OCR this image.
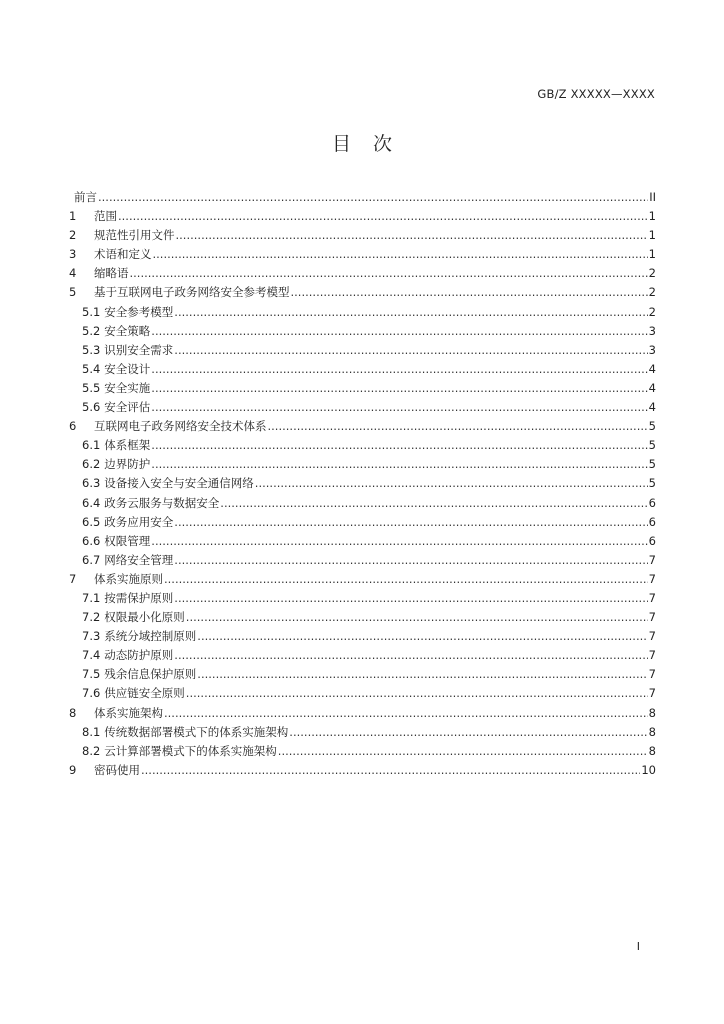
GB/Z XXXXX—XXXX
目 次
前言 .....	II
1	范围 .....	1
2	规范性引用文件 .....	1
3	术语和定义 .....	1
4	缩略语 .....	2
5	基于互联网电子政务网络安全参考模型 .....	2
5.1 安全参考模型 .....	2
5.2 安全策略 .....	3
5.3 识别安全需求 .....	3
5.4 安全设计 .....	4
5.5 安全实施 .....	4
5.6 安全评估 .....	4
6	互联网电子政务网络安全技术体系 .....	5
6.1 体系框架 .....	5
6.2 边界防护 .....	5
6.3 设备接入安全与安全通信网络 .....	5
6.4 政务云服务与数据安全 .....	6
6.5 政务应用安全 .....	6
6.6 权限管理 .....	6
6.7 网络安全管理 .....	7
7	体系实施原则 .....	7
7.1 按需保护原则 .....	7
7.2 权限最小化原则 .....	7
7.3 系统分域控制原则 .....	7
7.4 动态防护原则 .....	7
7.5 残余信息保护原则 .....	7
7.6 供应链安全原则 .....	7
8	体系实施架构 .....	8
8.1 传统数据部署模式下的体系实施架构 .....	8
8.2 云计算部署模式下的体系实施架构 .....	8
9	密码使用 .....	10
I
